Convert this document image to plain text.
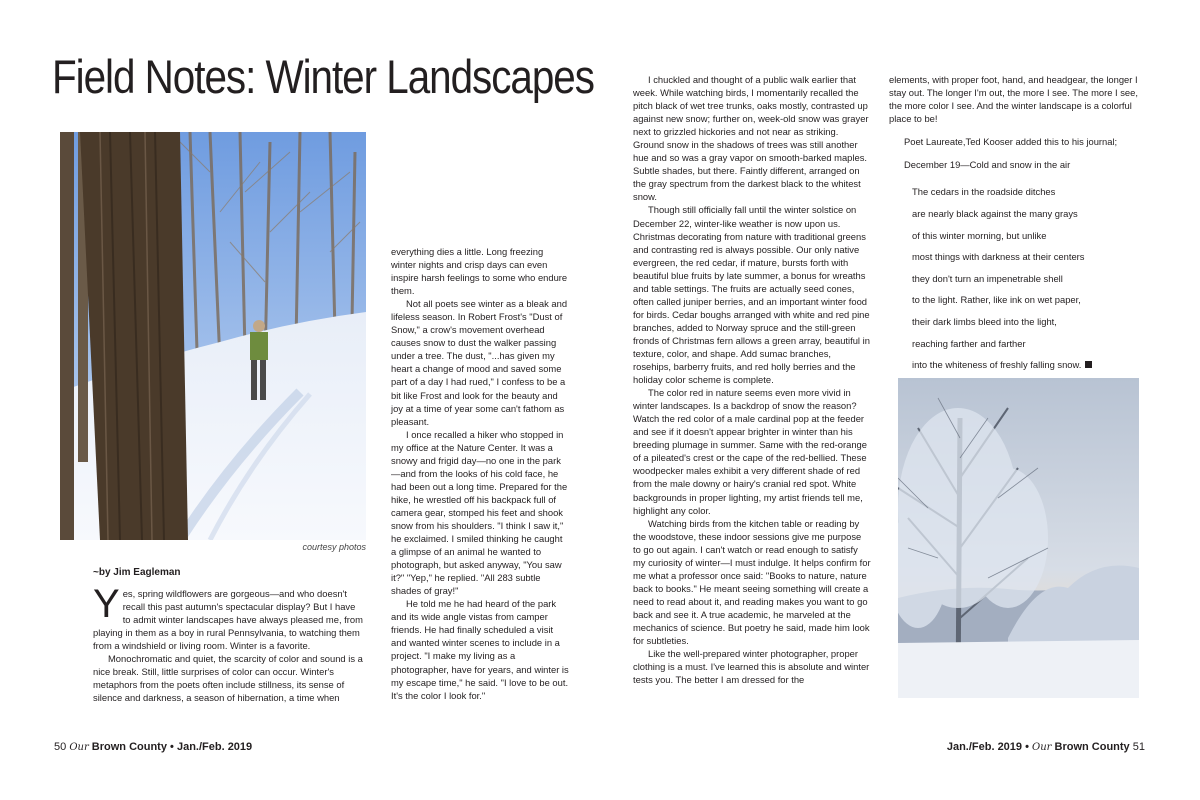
Field Notes: Winter Landscapes
courtesy photos
~by Jim Eagleman

Yes, spring wildflowers are gorgeous—and who doesn't recall this past autumn's spectacular display? But I have to admit winter landscapes have always pleased me, from playing in them as a boy in rural Pennsylvania, to watching them from a windshield or living room. Winter is a favorite.

Monochromatic and quiet, the scarcity of color and sound is a nice break. Still, little surprises of color can occur. Winter's metaphors from the poets often include stillness, its sense of silence and darkness, a season of hibernation, a time when

everything dies a little. Long freezing winter nights and crisp days can even inspire harsh feelings to some who endure them.

Not all poets see winter as a bleak and lifeless season. In Robert Frost's "Dust of Snow," a crow's movement overhead causes snow to dust the walker passing under a tree. The dust, "...has given my heart a change of mood and saved some part of a day I had rued," I confess to be a bit like Frost and look for the beauty and joy at a time of year some can't fathom as pleasant.

I once recalled a hiker who stopped in my office at the Nature Center. It was a snowy and frigid day—no one in the park—and from the looks of his cold face, he had been out a long time. Prepared for the hike, he wrestled off his backpack full of camera gear, stomped his feet and shook snow from his shoulders. "I think I saw it," he exclaimed. I smiled thinking he caught a glimpse of an animal he wanted to photograph, but asked anyway, "You saw it?" "Yep," he replied. "All 283 subtle shades of gray!"

He told me he had heard of the park and its wide angle vistas from camper friends. He had finally scheduled a visit and wanted winter scenes to include in a project. "I make my living as a photographer, have for years, and winter is my escape time," he said. "I love to be out. It's the color I look for."

I chuckled and thought of a public walk earlier that week. While watching birds, I momentarily recalled the pitch black of wet tree trunks, oaks mostly, contrasted up against new snow; further on, week-old snow was grayer next to grizzled hickories and not near as striking. Ground snow in the shadows of trees was still another hue and so was a gray vapor on smooth-barked maples. Subtle shades, but there. Faintly different, arranged on the gray spectrum from the darkest black to the whitest snow.

Though still officially fall until the winter solstice on December 22, winter-like weather is now upon us. Christmas decorating from nature with traditional greens and contrasting red is always possible. Our only native evergreen, the red cedar, if mature, bursts forth with beautiful blue fruits by late summer, a bonus for wreaths and table settings. The fruits are actually seed cones, often called juniper berries, and an important winter food for birds. Cedar boughs arranged with white and red pine branches, added to Norway spruce and the still-green fronds of Christmas fern allows a green array, beautiful in texture, color, and shape. Add sumac branches, rosehips, barberry fruits, and red holly berries and the holiday color scheme is complete.

The color red in nature seems even more vivid in winter landscapes. Is a backdrop of snow the reason? Watch the red color of a male cardinal pop at the feeder and see if it doesn't appear brighter in winter than his breeding plumage in summer. Same with the red-orange of a pileated's crest or the cape of the red-bellied. These woodpecker males exhibit a very different shade of red from the male downy or hairy's cranial red spot. White backgrounds in proper lighting, my artist friends tell me, highlight any color.

Watching birds from the kitchen table or reading by the woodstove, these indoor sessions give me purpose to go out again. I can't watch or read enough to satisfy my curiosity of winter—I must indulge. It helps confirm for me what a professor once said: "Books to nature, nature back to books." He meant seeing something will create a need to read about it, and reading makes you want to go back and see it. A true academic, he marveled at the mechanics of science. But poetry he said, made him look for subtleties.

Like the well-prepared winter photographer, proper clothing is a must. I've learned this is absolute and winter tests you. The better I am dressed for the

elements, with proper foot, hand, and headgear, the longer I stay out. The longer I'm out, the more I see. The more I see, the more color I see. And the winter landscape is a colorful place to be!

Poet Laureate,Ted Kooser added this to his journal;

December 19—Cold and snow in the air

The cedars in the roadside ditches

are nearly black against the many grays

of this winter morning, but unlike

most things with darkness at their centers

they don't turn an impenetrable shell

to the light. Rather, like ink on wet paper,

their dark limbs bleed into the light,

reaching farther and farther

into the whiteness of freshly falling snow.

50 Our Brown County • Jan./Feb. 2019	Jan./Feb. 2019 • Our Brown County 51
